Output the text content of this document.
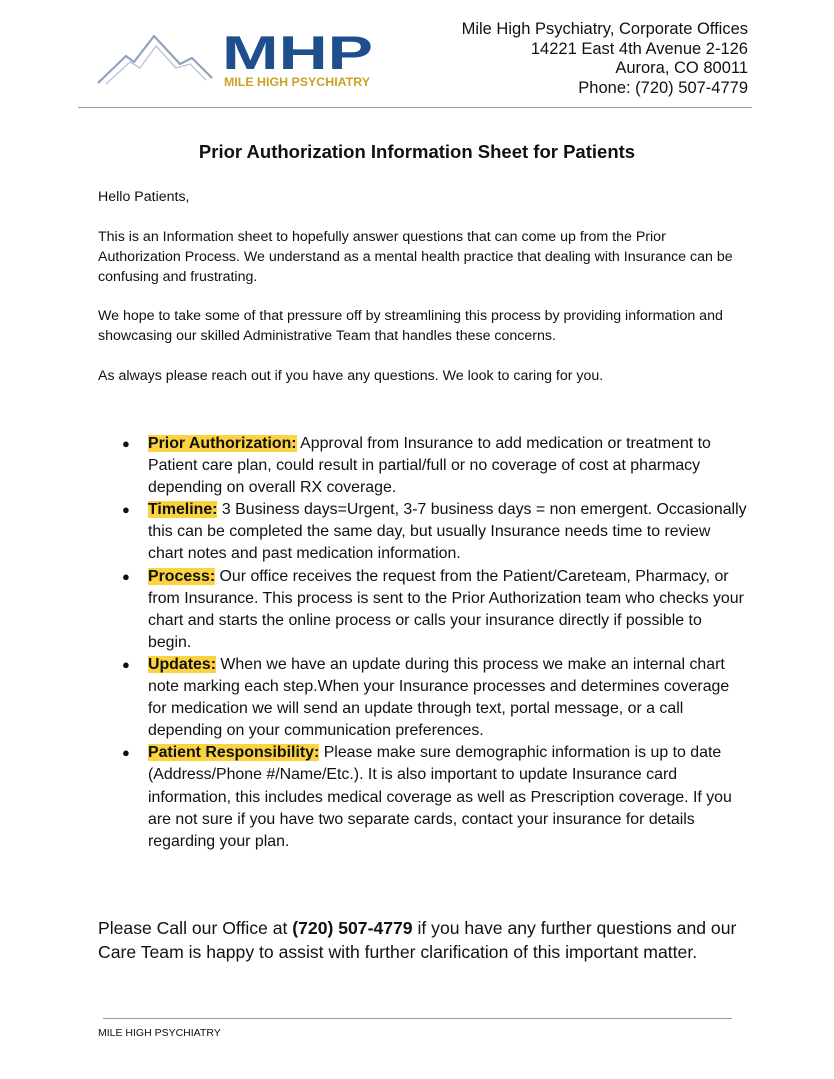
MHP
MILE HIGH PSYCHIATRY
Mile High Psychiatry, Corporate Offices
14221 East 4th Avenue 2-126
Aurora, CO 80011
Phone: (720) 507-4779
Prior Authorization Information Sheet for Patients
Hello Patients,
This is an Information sheet to hopefully answer questions that can come up from the Prior Authorization Process. We understand as a mental health practice that dealing with Insurance can be confusing and frustrating.
We hope to take some of that pressure off by streamlining this process by providing information and showcasing our skilled Administrative Team that handles these concerns.
As always please reach out if you have any questions. We look to caring for you.
● Prior Authorization: Approval from Insurance to add medication or treatment to Patient care plan, could result in partial/full or no coverage of cost at pharmacy depending on overall RX coverage.
● Timeline: 3 Business days=Urgent, 3-7 business days = non emergent. Occasionally this can be completed the same day, but usually Insurance needs time to review chart notes and past medication information.
● Process: Our office receives the request from the Patient/Careteam, Pharmacy, or from Insurance. This process is sent to the Prior Authorization team who checks your chart and starts the online process or calls your insurance directly if possible to begin.
● Updates: When we have an update during this process we make an internal chart note marking each step.When your Insurance processes and determines coverage for medication we will send an update through text, portal message, or a call depending on your communication preferences.
● Patient Responsibility: Please make sure demographic information is up to date (Address/Phone #/Name/Etc.). It is also important to update Insurance card information, this includes medical coverage as well as Prescription coverage. If you are not sure if you have two separate cards, contact your insurance for details regarding your plan.
Please Call our Office at (720) 507-4779 if you have any further questions and our Care Team is happy to assist with further clarification of this important matter.
MILE HIGH PSYCHIATRY
